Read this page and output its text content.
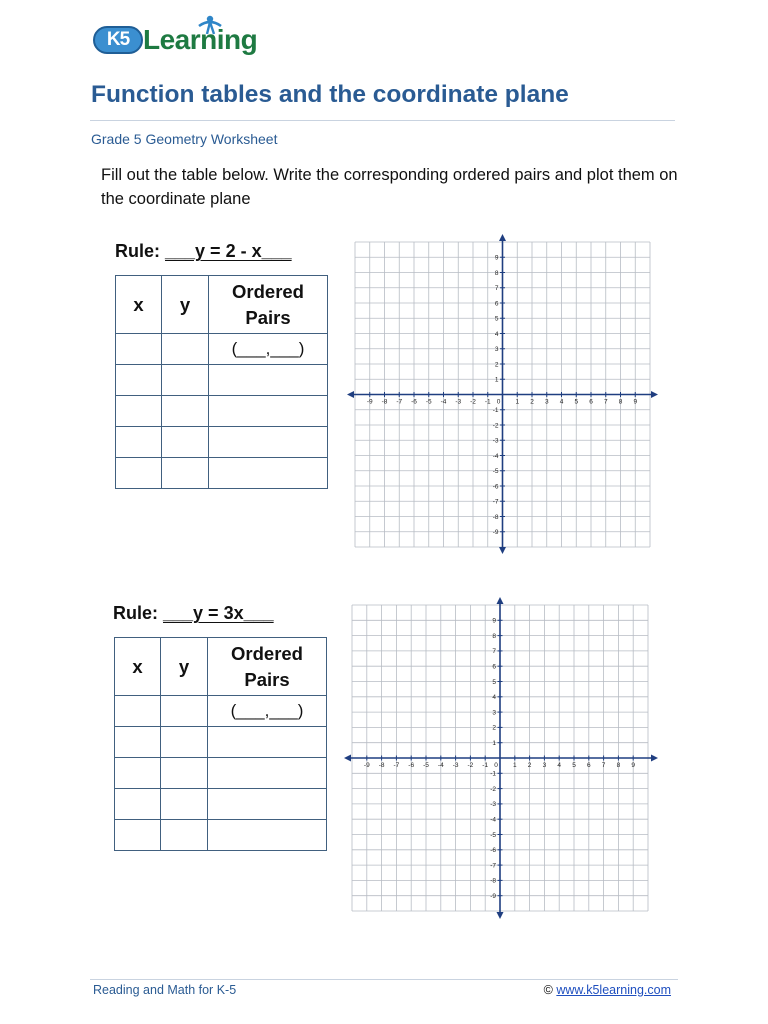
K5 Learning
Function tables and the coordinate plane
Grade 5 Geometry Worksheet
Fill out the table below. Write the corresponding ordered pairs and plot them on the coordinate plane
Rule: ___y = 2 - x___
x	y	Ordered Pairs
		(___,___)

-9 -8 -7 -6 -5 -4 -3 -2 -1 0 1 2 3 4 5 6 7 8 9
9
8
7
6
5
4
3
2
1
-1
-2
-3
-4
-5
-6
-7
-8
-9
Rule: ___y = 3x___
x	y	Ordered Pairs
		(___,___)

-9 -8 -7 -6 -5 -4 -3 -2 -1 0 1 2 3 4 5 6 7 8 9
9
8
7
6
5
4
3
2
1
-1
-2
-3
-4
-5
-6
-7
-8
-9
Reading and Math for K-5	© www.k5learning.com
